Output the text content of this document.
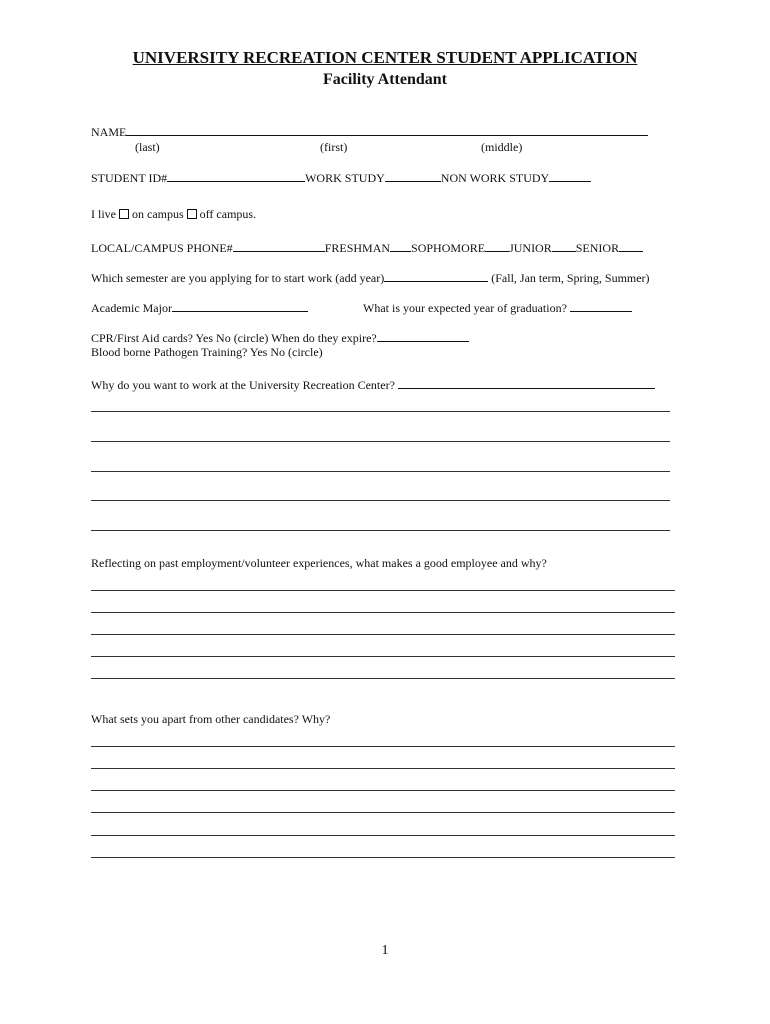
UNIVERSITY RECREATION CENTER STUDENT APPLICATION
Facility Attendant
NAME
(last)	(first)	(middle)
STUDENT ID#	WORK STUDY	NON WORK STUDY
I live on campus off campus.
LOCAL/CAMPUS PHONE#	FRESHMAN SOPHOMORE JUNIOR SENIOR
Which semester are you applying for to start work (add year)	(Fall, Jan term, Spring, Summer)
Academic Major	What is your expected year of graduation?
CPR/First Aid cards? Yes No (circle) When do they expire?
Blood borne Pathogen Training? Yes No (circle)
Why do you want to work at the University Recreation Center?
Reflecting on past employment/volunteer experiences, what makes a good employee and why?
What sets you apart from other candidates? Why?
1
